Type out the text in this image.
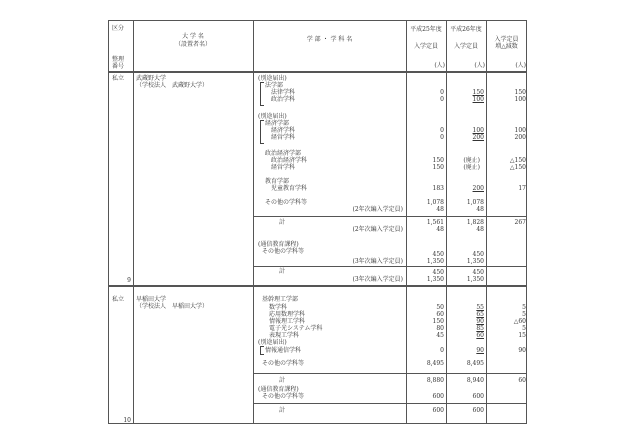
区分
整理
番号
大 学 名
（設置者名）
学 部 ・ 学 科 名
平成25年度
入学定員
(人)
平成26年度
入学定員
(人)
入学定員
増△減数
(人)
私立
9
武蔵野大学
（学校法人　武蔵野大学）
(別途届出)
法学部
法律学科	0	150	150
政治学科	0	100	100
(別途届出)
経済学部
経済学科	0	100	100
経営学科	0	200	200
政治経済学部
政治経済学科	150	(廃止)	△150
経営学科	150	(廃止)	△150
教育学部
児童教育学科	183	200	17
その他の学科等	1,078	1,078
(2年次編入学定員)	48	48
計	1,561	1,828	267
(2年次編入学定員)	48	48
(通信教育課程)
その他の学科等	450	450
(3年次編入学定員)	1,350	1,350
計	450	450
(3年次編入学定員)	1,350	1,350
私立
10
早稲田大学
（学校法人　早稲田大学）
基幹理工学部
数学科	50	55	5
応用数理学科	60	65	5
情報理工学科	150	90	△60
電子光システム学科	80	85	5
表現工学科	45	60	15
(別途届出)
情報通信学科	0	90	90
その他の学科等	8,495	8,495
計	8,880	8,940	60
(通信教育課程)
その他の学科等	600	600
計	600	600
